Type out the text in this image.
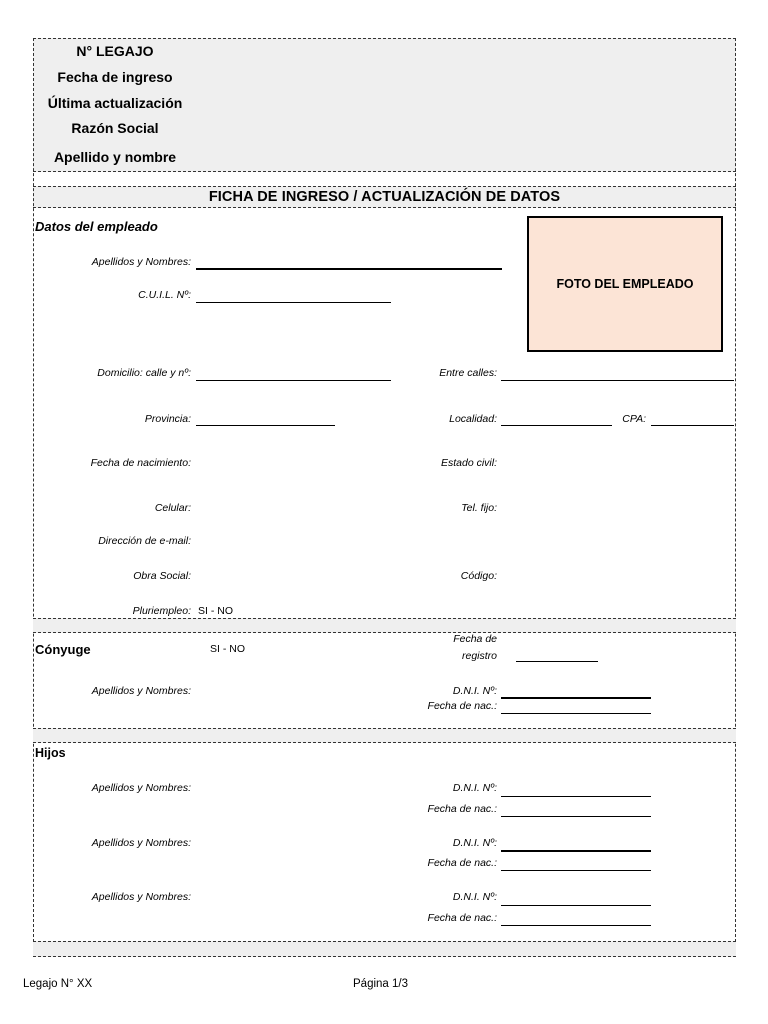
N° LEGAJO
Fecha de ingreso
Última actualización
Razón Social
Apellido y nombre
FICHA DE INGRESO / ACTUALIZACIÓN DE DATOS
Datos del empleado
FOTO DEL EMPLEADO
Apellidos y Nombres:
C.U.I.L. Nº:
Domicilio: calle y nº:	Entre calles:
Provincia:	Localidad:	CPA:
Fecha de nacimiento:	Estado civil:
Celular:	Tel. fijo:
Dirección de e-mail:
Obra Social:	Código:
Pluriempleo: SI - NO
Cónyuge	SI - NO
Fecha de
registro
Apellidos y Nombres:	D.N.I. Nº:
Fecha de nac.:
Hijos
Apellidos y Nombres:	D.N.I. Nº:
Fecha de nac.:
Apellidos y Nombres:	D.N.I. Nº:
Fecha de nac.:
Apellidos y Nombres:	D.N.I. Nº:
Fecha de nac.:
Legajo N° XX	Página 1/3
